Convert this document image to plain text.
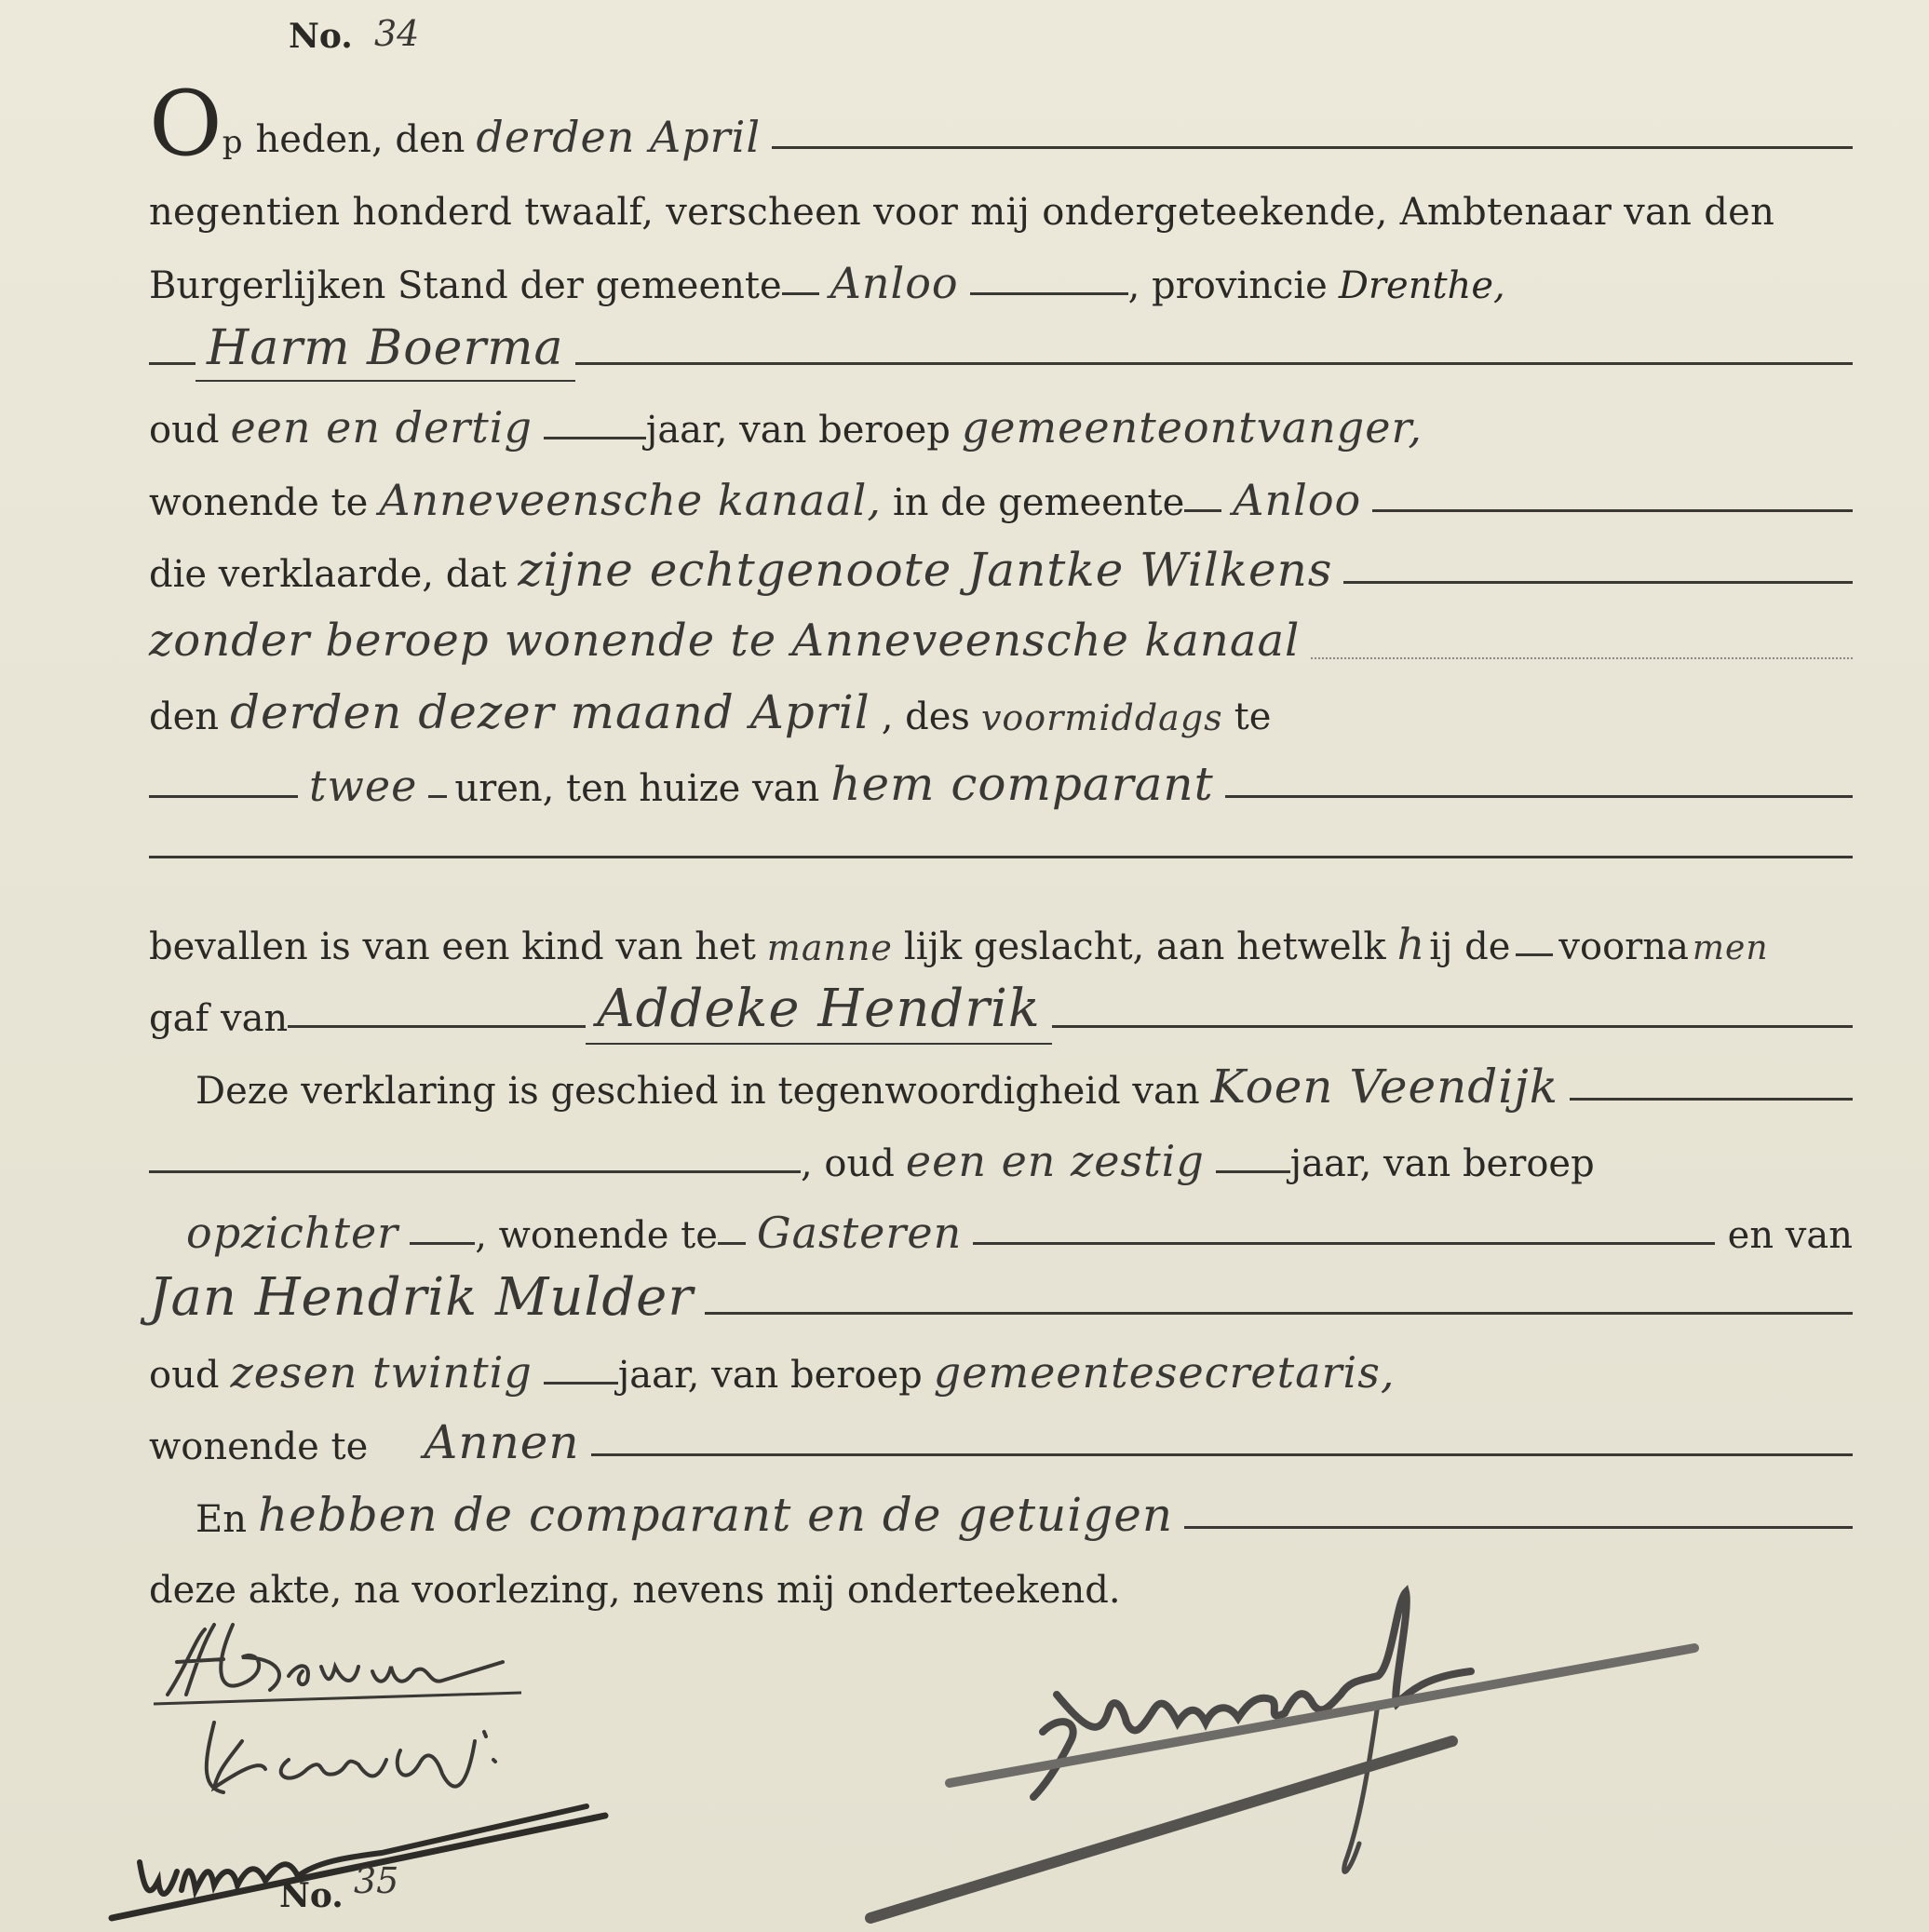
No. 34
O p heden, den derden April
negentien honderd twaalf, verscheen voor mij ondergeteekende, Ambtenaar van den
Burgerlijken Stand der gemeente Anloo	, provincie Drenthe,
Harm Boerma
oud een en dertig	jaar, van beroep gemeenteontvanger,
wonende te Anneveensche kanaal, in de gemeente Anloo
die verklaarde, dat zijne echtgenoote Jantke Wilkens
zonder beroep wonende te Anneveensche kanaal
den derden dezer maand April , des voormiddags te
twee	uren, ten huize van hem comparant
bevallen is van een kind van het manne lijk geslacht, aan hetwelk h ij de voorna men
gaf van	Addeke Hendrik
Deze verklaring is geschied in tegenwoordigheid van Koen Veendijk
, oud een en zestig	jaar, van beroep
opzichter	, wonende te Gasteren	en van
Jan Hendrik Mulder
oud zesen twintig	jaar, van beroep gemeentesecretaris,
wonende te	Annen
En hebben de comparant en de getuigen
deze akte, na voorlezing, nevens mij onderteekend.
No. 35
